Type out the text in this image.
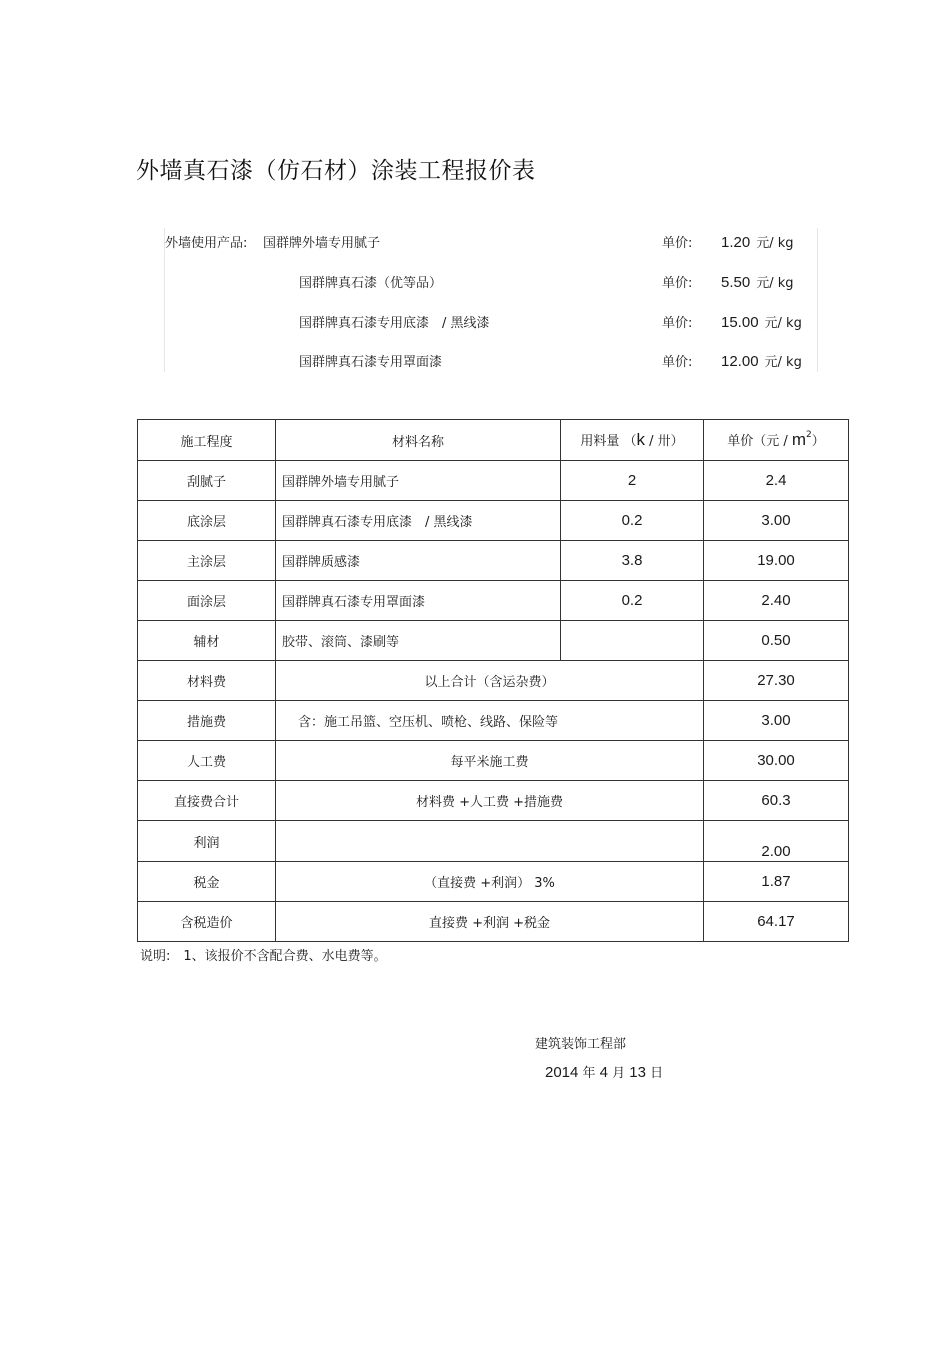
外墙真石漆（仿石材）涂装工程报价表
外墙使用产品: 国群牌外墙专用腻子	单价: 1.20 元/ kg
国群牌真石漆（优等品）	单价: 5.50 元/ kg
国群牌真石漆专用底漆　/ 黑线漆	单价: 15.00 元/ kg
国群牌真石漆专用罩面漆	单价: 12.00 元/ kg
施工程度	材料名称	用料量 （k / 卅）	单价（元 / $m^2$）
刮腻子	国群牌外墙专用腻子	2	2.4
底涂层	国群牌真石漆专用底漆　/ 黑线漆	0.2	3.00
主涂层	国群牌质感漆	3.8	19.00
面涂层	国群牌真石漆专用罩面漆	0.2	2.40
辅材	胶带、滚筒、漆刷等		0.50
材料费	以上合计（含运杂费）		27.30
措施费	含：施工吊篮、空压机、喷枪、线路、保险等		3.00
人工费	每平米施工费		30.00
直接费合计	材料费 +人工费 +措施费		60.3
利润			2.00
税金	（直接费 +利润） 3%		1.87
含税造价	直接费 +利润 +税金		64.17
说明:　1、该报价不含配合费、水电费等。
建筑装饰工程部
2014 年 4 月 13 日
